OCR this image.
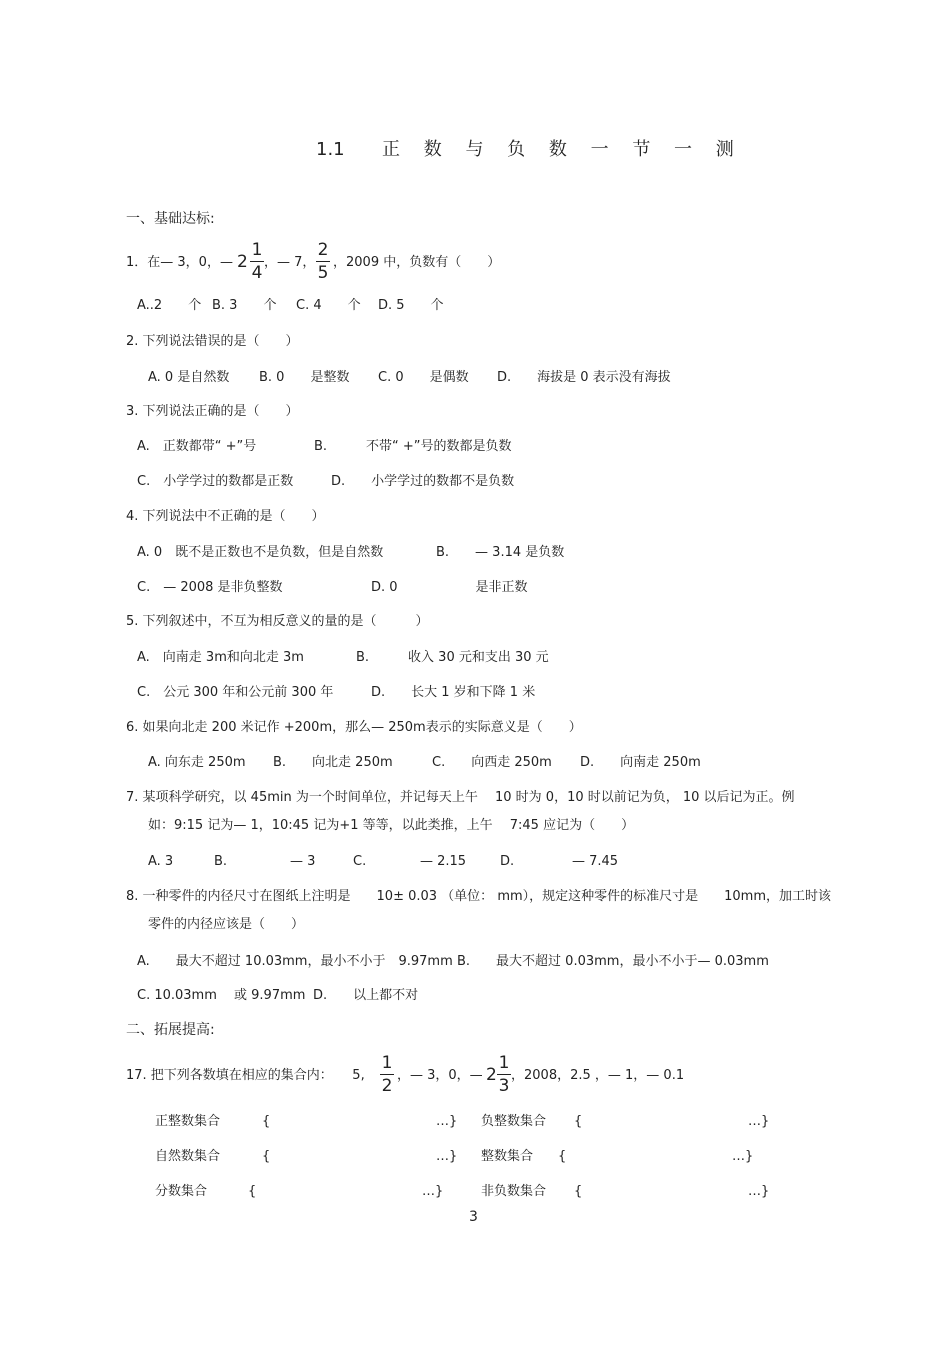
1.1 正 数 与 负 数 一 节 一 测
一、基础达标:
1．在— 3，0，— 2
1
4
，— 7，
2
5
，2009 中，负数有（　　）
A..2　　个 B. 3　　个 C. 4　　个 D. 5　　个
2. 下列说法错误的是（　　）
A. 0 是自然数 B. 0　　是整数 C. 0　　是偶数 D.　　海拔是 0 表示没有海拔
3. 下列说法正确的是（　　）
A.　正数都带“ +”号	B.　　　不带“ +”号的数都是负数
C.　小学学过的数都是正数	D.　　小学学过的数都不是负数
4. 下列说法中不正确的是（　　）
A. 0　既不是正数也不是负数，但是自然数	B.　　— 3.14 是负数
C.　— 2008 是非负整数	D. 0　　　　　　是非正数
5. 下列叙述中，不互为相反意义的量的是（　　　）
A.　向南走 3m和向北走 3m	B.　　　收入 30 元和支出 30 元
C.　公元 300 年和公元前 300 年	D.　　长大 1 岁和下降 1 米
6. 如果向北走 200 米记作 +200m，那么— 250m表示的实际意义是（　　）
A. 向东走 250m B.　　向北走 250m	C.　　向西走 250m D.　　向南走 250m
7. 某项科学研究，以 45min 为一个时间单位，并记每天上午　 10 时为 0，10 时以前记为负， 10 以后记为正。例
如：9:15 记为— 1，10:45 记为+1 等等，以此类推，上午　 7:45 应记为（　　）
A. 3	B.	— 3	C.	— 2.15	D.	— 7.45
8. 一种零件的内径尺寸在图纸上注明是　　10± 0.03 （单位： mm），规定这种零件的标准尺寸是　　10mm，加工时该
零件的内径应该是（　　）
A.　　最大不超过 10.03mm，最小不小于　9.97mm B.　　最大不超过 0.03mm，最小不小于— 0.03mm
C. 10.03mm　 或 9.97mm D.　　以上都不对
二、拓展提高:
17. 把下列各数填在相应的集合内：　　5,
1
2
，— 3，0，— 2
1
3
，2008，2.5 ，— 1，— 0.1
正整数集合	{	…} 负整数集合 {	…}
自然数集合	{	…} 整数集合 {	…}
分数集合	{	…}	非负数集合 {	…}
3
